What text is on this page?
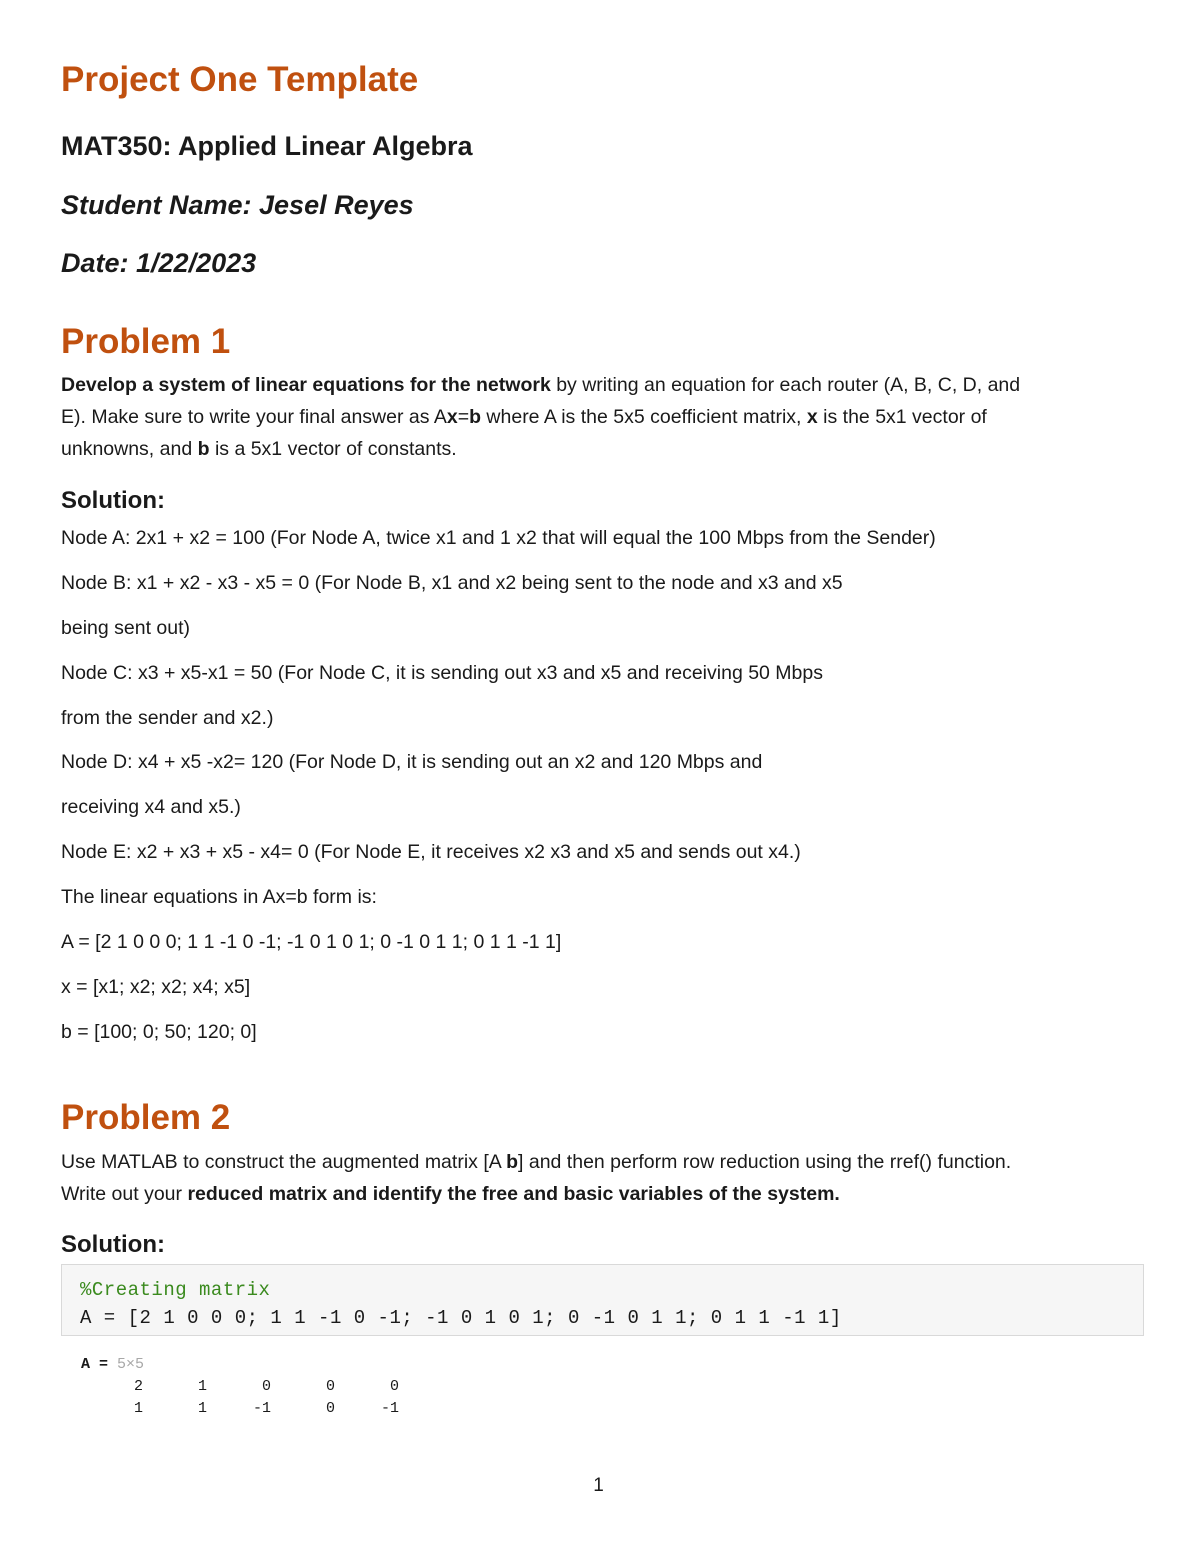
Project One Template
MAT350: Applied Linear Algebra
Student Name: Jesel Reyes
Date: 1/22/2023
Problem 1
Develop a system of linear equations for the network by writing an equation for each router (A, B, C, D, and
E). Make sure to write your final answer as Ax=b where A is the 5x5 coefficient matrix, x is the 5x1 vector of
unknowns, and b is a 5x1 vector of constants.
Solution:
Node A: 2x1 + x2 = 100 (For Node A, twice x1 and 1 x2 that will equal the 100 Mbps from the Sender)
Node B: x1 + x2 - x3 - x5 = 0 (For Node B, x1 and x2 being sent to the node and x3 and x5
being sent out)
Node C: x3 + x5-x1 = 50 (For Node C, it is sending out x3 and x5 and receiving 50 Mbps
from the sender and x2.)
Node D: x4 + x5 -x2= 120 (For Node D, it is sending out an x2 and 120 Mbps and
receiving x4 and x5.)
Node E: x2 + x3 + x5 - x4= 0 (For Node E, it receives x2 x3 and x5 and sends out x4.)
The linear equations in Ax=b form is:
A = [2 1 0 0 0; 1 1 -1 0 -1; -1 0 1 0 1; 0 -1 0 1 1; 0 1 1 -1 1]
x = [x1; x2; x2; x4; x5]
b = [100; 0; 50; 120; 0]
Problem 2
Use MATLAB to construct the augmented matrix [A b] and then perform row reduction using the rref() function.
Write out your reduced matrix and identify the free and basic variables of the system.
Solution:
%Creating matrix
A = [2 1 0 0 0; 1 1 -1 0 -1; -1 0 1 0 1; 0 -1 0 1 1; 0 1 1 -1 1]
A = 5×5
2	1	0	0	0
1	1	-1	0	-1
1
